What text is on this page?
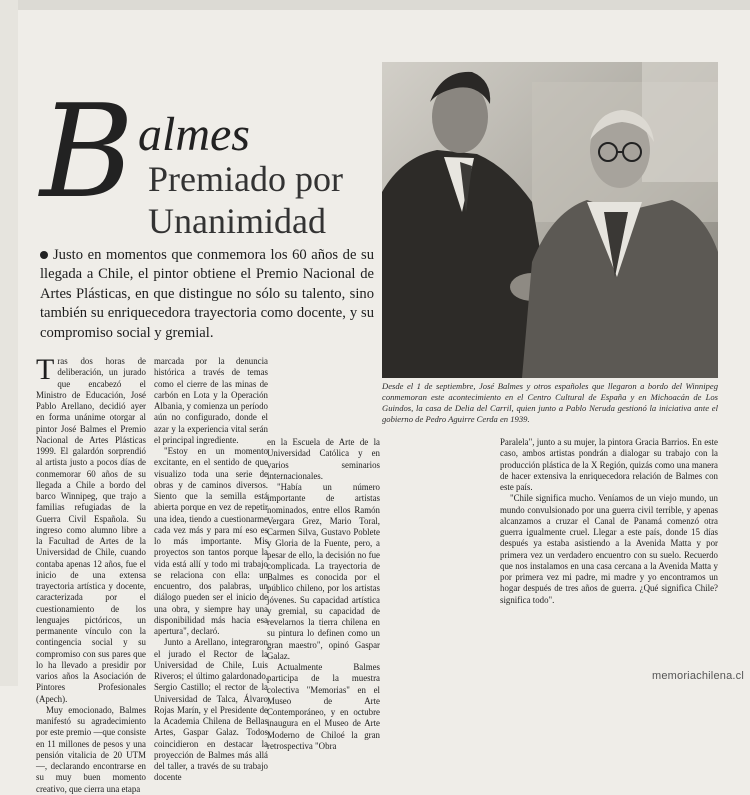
B almes
Premiado por
Unanimidad
Justo en momentos que conmemora los 60 años de su llegada a Chile, el pintor obtiene el Premio Nacional de Artes Plásticas, en que distingue no sólo su talento, sino también su enriquecedora trayectoria como docente, y su compromiso social y gremial.
Desde el 1 de septiembre, José Balmes y otros españoles que llegaron a bordo del Winnipeg conmemoran este acontecimiento en el Centro Cultural de España y en Michoacán de Los Guindos, la casa de Delia del Carril, quien junto a Pablo Neruda gestionó la iniciativa ante el gobierno de Pedro Aguirre Cerda en 1939.

Tras dos horas de deliberación, un jurado que encabezó el Ministro de Educación, José Pablo Arellano, decidió ayer en forma unánime otorgar al pintor José Balmes el Premio Nacional de Artes Plásticas 1999. El galardón sorprendió al artista justo a pocos días de conmemorar 60 años de su llegada a Chile a bordo del barco Winnipeg, que trajo a familias refugiadas de la Guerra Civil Española. Su ingreso como alumno libre a la Facultad de Artes de la Universidad de Chile, cuando contaba apenas 12 años, fue el inicio de una extensa trayectoria artística y docente, caracterizada por el cuestionamiento de los lenguajes pictóricos, un permanente vínculo con la contingencia social y su compromiso con sus pares que lo ha llevado a presidir por varios años la Asociación de Pintores Profesionales (Apech).

Muy emocionado, Balmes manifestó su agradecimiento por este premio —que consiste en 11 millones de pesos y una pensión vitalicia de 20 UTM—, declarando encontrarse en su muy buen momento creativo, que cierra una etapa

marcada por la denuncia histórica a través de temas como el cierre de las minas de carbón en Lota y la Operación Albania, y comienza un período aún no configurado, donde el azar y la experiencia vital serán el principal ingrediente.

"Estoy en un momento excitante, en el sentido de que visualizo toda una serie de obras y de caminos diversos. Siento que la semilla está abierta porque en vez de repetir una idea, tiendo a cuestionarme cada vez más y para mí eso es lo más importante. Mis proyectos son tantos porque la vida está allí y todo mi trabajo se relaciona con ella: un encuentro, dos palabras, un diálogo pueden ser el inicio de una obra, y siempre hay una disponibilidad más hacia esa apertura", declaró.

Junto a Arellano, integraron el jurado el Rector de la Universidad de Chile, Luis Riveros; el último galardonado, Sergio Castillo; el rector de la Universidad de Talca, Álvaro Rojas Marín, y el Presidente de la Academia Chilena de Bellas Artes, Gaspar Galaz. Todos coincidieron en destacar la proyección de Balmes más allá del taller, a través de su trabajo docente

en la Escuela de Arte de la Universidad Católica y en varios seminarios internacionales.

"Había un número importante de artistas nominados, entre ellos Ramón Vergara Grez, Mario Toral, Carmen Silva, Gustavo Poblete y Gloria de la Fuente, pero, a pesar de ello, la decisión no fue complicada. La trayectoria de Balmes es conocida por el público chileno, por los artistas jóvenes. Su capacidad artística y gremial, su capacidad de revelarnos la tierra chilena en su pintura lo definen como un gran maestro", opinó Gaspar Galaz.

Actualmente Balmes participa de la muestra colectiva "Memorias" en el Museo de Arte Contemporáneo, y en octubre inaugura en el Museo de Arte Moderno de Chiloé la gran retrospectiva "Obra

Paralela", junto a su mujer, la pintora Gracia Barrios. En este caso, ambos artistas pondrán a dialogar su trabajo con la producción plástica de la X Región, quizás como una manera de hacer extensiva la enriquecedora relación de Balmes con este país.

"Chile significa mucho. Veníamos de un viejo mundo, un mundo convulsionado por una guerra civil terrible, y apenas alcanzamos a cruzar el Canal de Panamá comenzó otra guerra igualmente cruel. Llegar a este país, donde 15 días después ya estaba asistiendo a la Avenida Matta y por primera vez un verdadero encuentro con su suelo. Recuerdo que nos instalamos en una casa cercana a la Avenida Matta y por primera vez mi padre, mi madre y yo encontramos un hogar después de tres años de guerra. ¿Qué significa Chile? significa todo".

memoriachilena.cl
